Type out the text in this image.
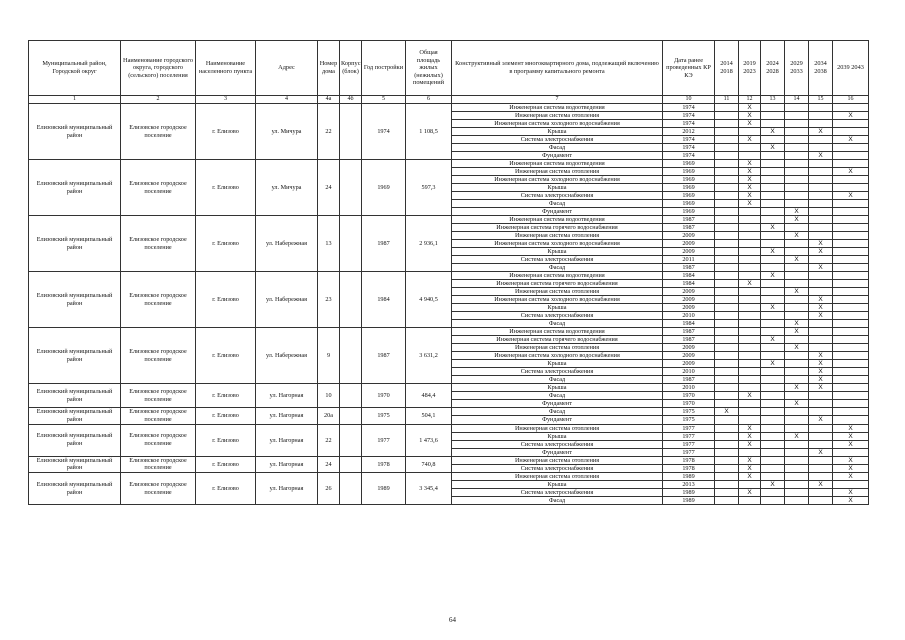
Муниципальный район, Городской округ	Наименование городского округа, городского (сельского) поселения	Наименование населенного пункта	Адрес	Номер дома	Корпус (блок)	Год постройки	Общая площадь жилых (нежилых) помещений	Конструктивный элемент многоквартирного дома, подлежащий включению в программу капитального ремонта	Дата ранее проведенных КР КЭ	2014 2018	2019 2023	2024 2028	2029 2033	2034 2038	2039 2043
1	2	3	4	4а	4б	5	6	7	10	11	12	13	14	15	16
Елизовский муниципальный район	Елизовское городское поселение	г. Елизово	ул. Мичура	22		1974	1 108,5	Инженерная система водоотведения	1974		X				
								Инженерная система отопления	1974		X				X
								Инженерная система холодного водоснабжения	1974		X				
								Крыша	2012			X		X	
								Система электроснабжения	1974		X				X
								Фасад	1974			X			
								Фундамент	1974					X	
Елизовский муниципальный район	Елизовское городское поселение	г. Елизово	ул. Мичура	24		1969	597,3	Инженерная система водоотведения	1969		X				
								Инженерная система отопления	1969		X				X
								Инженерная система холодного водоснабжения	1969		X				
								Крыша	1969		X				
								Система электроснабжения	1969		X				X
								Фасад	1969		X				
								Фундамент	1969				X		
Елизовский муниципальный район	Елизовское городское поселение	г. Елизово	ул. Набережная	13		1987	2 936,1	Инженерная система водоотведения	1987				X		
								Инженерная система горячего водоснабжения	1987			X			
								Инженерная система отопления	2009				X		
								Инженерная система холодного водоснабжения	2009					X	
								Крыша	2009			X		X	
								Система электроснабжения	2011				X		
								Фасад	1987					X	
Елизовский муниципальный район	Елизовское городское поселение	г. Елизово	ул. Набережная	23		1984	4 940,5	Инженерная система водоотведения	1984			X			
								Инженерная система горячего водоснабжения	1984		X				
								Инженерная система отопления	2009				X		
								Инженерная система холодного водоснабжения	2009					X	
								Крыша	2009			X		X	
								Система электроснабжения	2010					X	
								Фасад	1984				X		
Елизовский муниципальный район	Елизовское городское поселение	г. Елизово	ул. Набережная	9		1987	3 631,2	Инженерная система водоотведения	1987				X		
								Инженерная система горячего водоснабжения	1987			X			
								Инженерная система отопления	2009				X		
								Инженерная система холодного водоснабжения	2009					X	
								Крыша	2009			X		X	
								Система электроснабжения	2010					X	
								Фасад	1987					X	
Елизовский муниципальный район	Елизовское городское поселение	г. Елизово	ул. Нагорная	10		1970	484,4	Крыша	2010				X	X	
								Фасад	1970		X				
								Фундамент	1970				X		
Елизовский муниципальный район	Елизовское городское поселение	г. Елизово	ул. Нагорная	20а		1975	504,1	Фасад	1975	X					
								Фундамент	1975					X	
Елизовский муниципальный район	Елизовское городское поселение	г. Елизово	ул. Нагорная	22		1977	1 473,6	Инженерная система отопления	1977		X				X
								Крыша	1977		X		X		X
								Система электроснабжения	1977		X				X
								Фундамент	1977					X	
Елизовский муниципальный район	Елизовское городское поселение	г. Елизово	ул. Нагорная	24		1978	740,8	Инженерная система отопления	1978		X				X
								Система электроснабжения	1978		X				X
Елизовский муниципальный район	Елизовское городское поселение	г. Елизово	ул. Нагорная	26		1989	3 345,4	Инженерная система отопления	1989		X				X
								Крыша	2013			X		X	
								Система электроснабжения	1989		X				X
								Фасад	1989						X
64
